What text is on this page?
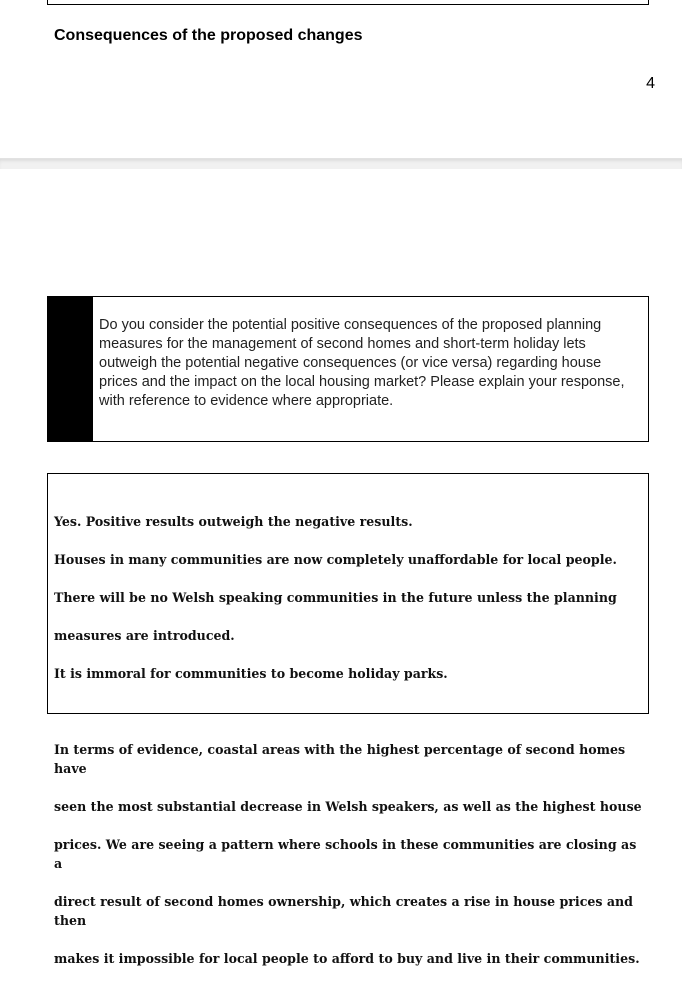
Consequences of the proposed changes
4
Do you consider the potential positive consequences of the proposed planning
measures for the management of second homes and short-term holiday lets
outweigh the potential negative consequences (or vice versa) regarding house
prices and the impact on the local housing market? Please explain your response,
with reference to evidence where appropriate.

Yes. Positive results outweigh the negative results.

Houses in many communities are now completely unaffordable for local people.

There will be no Welsh speaking communities in the future unless the planning

measures are introduced.

It is immoral for communities to become holiday parks.

In terms of evidence, coastal areas with the highest percentage of second homes have

seen the most substantial decrease in Welsh speakers, as well as the highest house

prices. We are seeing a pattern where schools in these communities are closing as a

direct result of second homes ownership, which creates a rise in house prices and then

makes it impossible for local people to afford to buy and live in their communities.
